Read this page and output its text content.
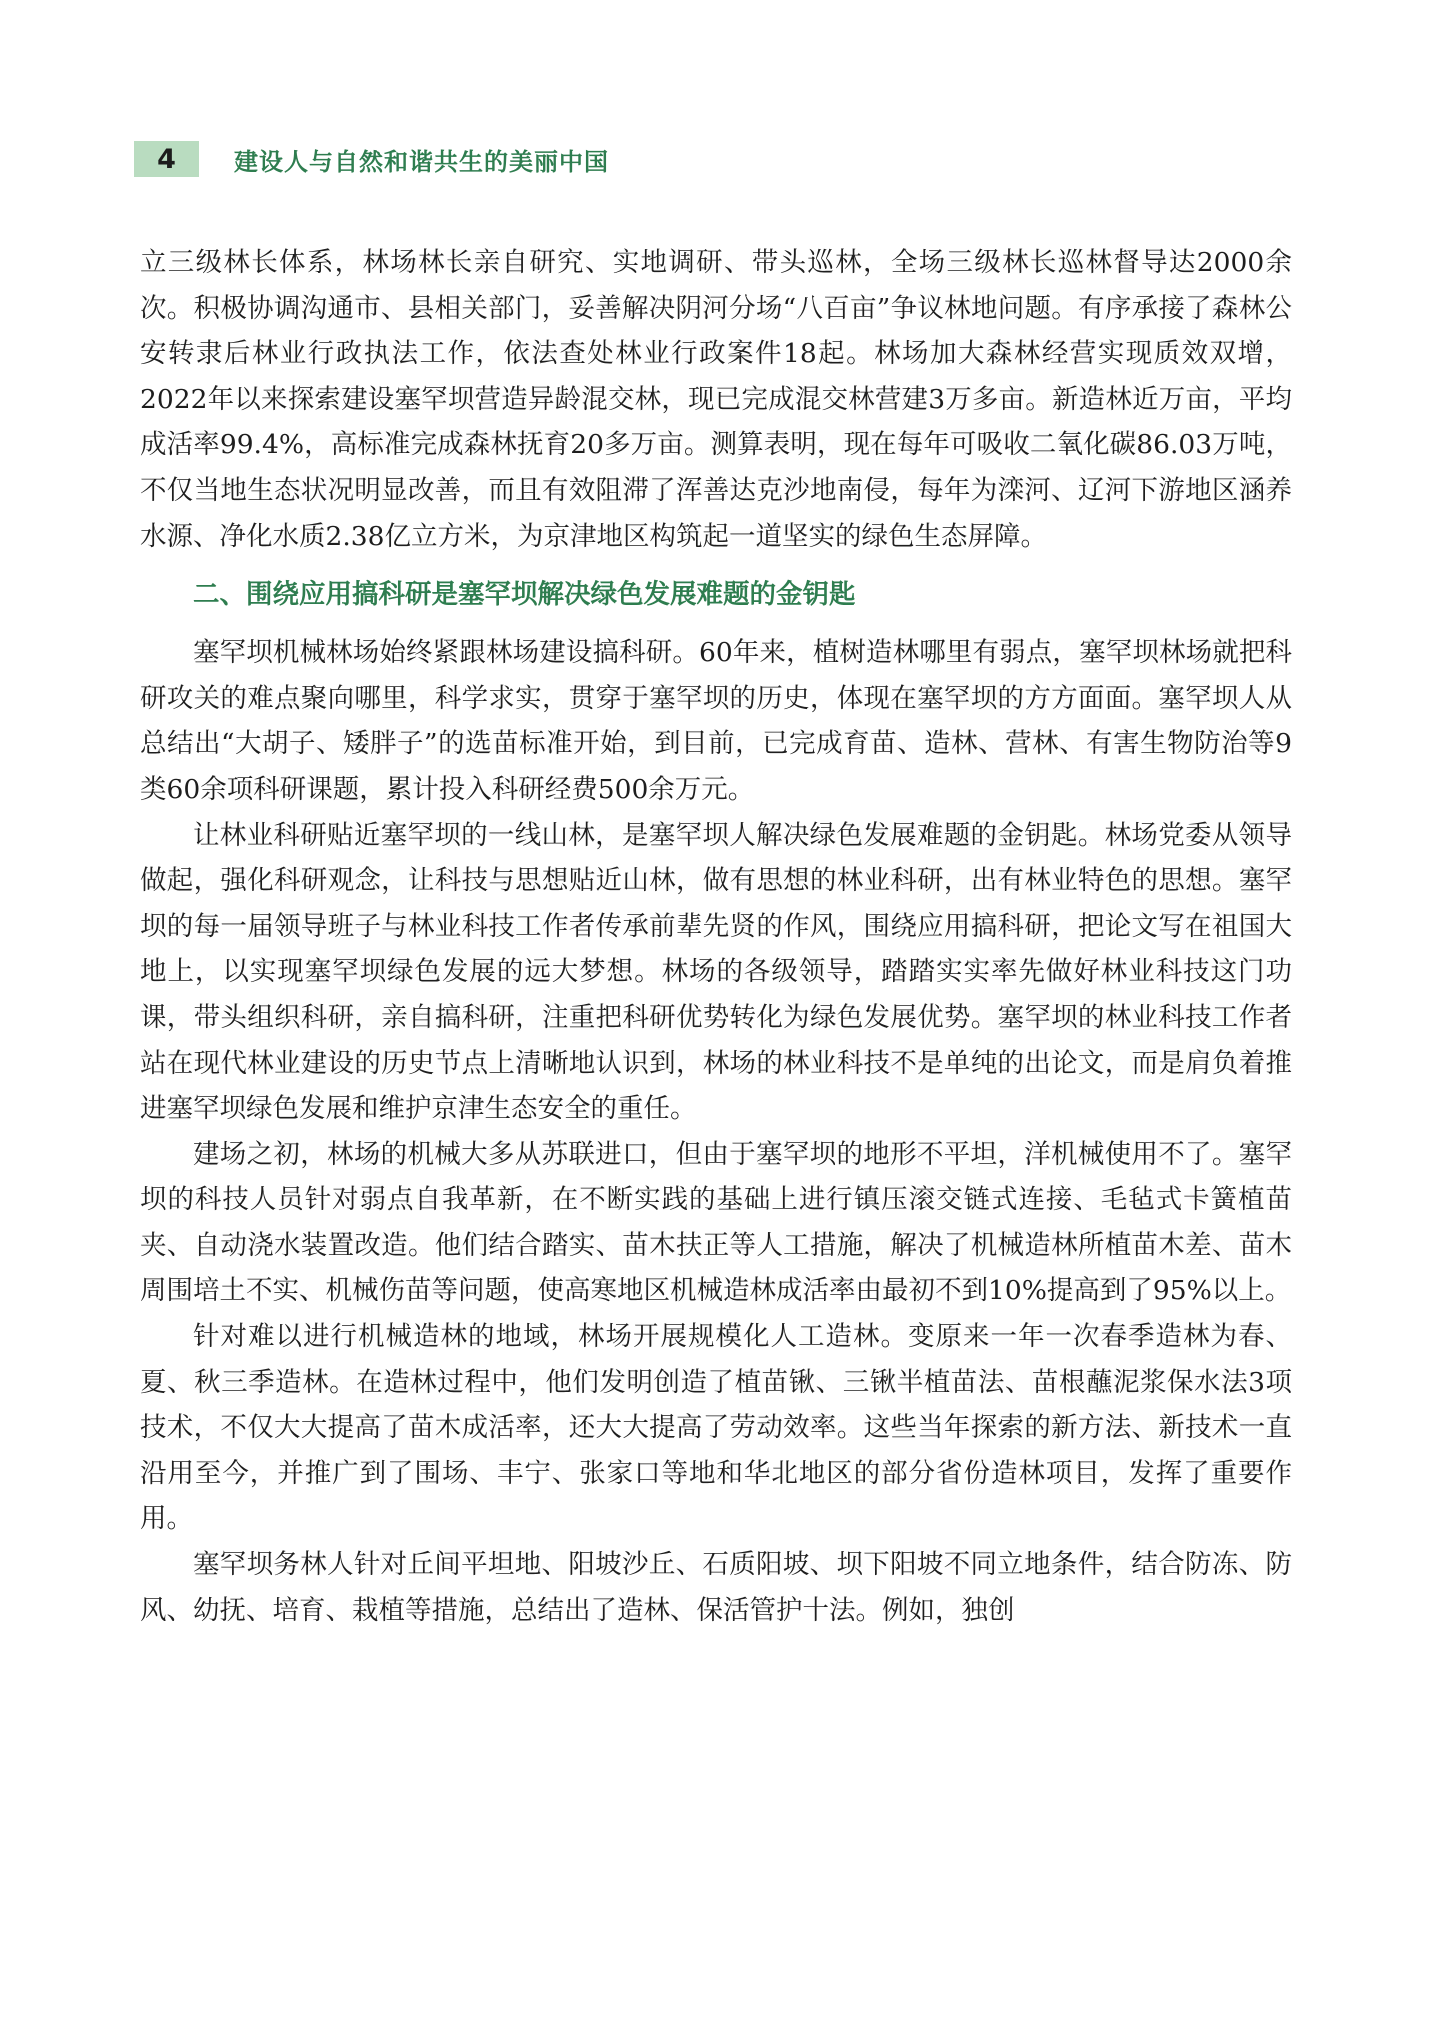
4	建设人与自然和谐共生的美丽中国

立三级林长体系，林场林长亲自研究、实地调研、带头巡林，全场三级林长巡林督导达2000余次。积极协调沟通市、县相关部门，妥善解决阴河分场“八百亩”争议林地问题。有序承接了森林公安转隶后林业行政执法工作，依法查处林业行政案件18起。林场加大森林经营实现质效双增，2022年以来探索建设塞罕坝营造异龄混交林，现已完成混交林营建3万多亩。新造林近万亩，平均成活率99.4%，高标准完成森林抚育20多万亩。测算表明，现在每年可吸收二氧化碳86.03万吨，不仅当地生态状况明显改善，而且有效阻滞了浑善达克沙地南侵，每年为滦河、辽河下游地区涵养水源、净化水质2.38亿立方米，为京津地区构筑起一道坚实的绿色生态屏障。

二、围绕应用搞科研是塞罕坝解决绿色发展难题的金钥匙

塞罕坝机械林场始终紧跟林场建设搞科研。60年来，植树造林哪里有弱点，塞罕坝林场就把科研攻关的难点聚向哪里，科学求实，贯穿于塞罕坝的历史，体现在塞罕坝的方方面面。塞罕坝人从总结出“大胡子、矮胖子”的选苗标准开始，到目前，已完成育苗、造林、营林、有害生物防治等9类60余项科研课题，累计投入科研经费500余万元。

让林业科研贴近塞罕坝的一线山林，是塞罕坝人解决绿色发展难题的金钥匙。林场党委从领导做起，强化科研观念，让科技与思想贴近山林，做有思想的林业科研，出有林业特色的思想。塞罕坝的每一届领导班子与林业科技工作者传承前辈先贤的作风，围绕应用搞科研，把论文写在祖国大地上，以实现塞罕坝绿色发展的远大梦想。林场的各级领导，踏踏实实率先做好林业科技这门功课，带头组织科研，亲自搞科研，注重把科研优势转化为绿色发展优势。塞罕坝的林业科技工作者站在现代林业建设的历史节点上清晰地认识到，林场的林业科技不是单纯的出论文，而是肩负着推进塞罕坝绿色发展和维护京津生态安全的重任。

建场之初，林场的机械大多从苏联进口，但由于塞罕坝的地形不平坦，洋机械使用不了。塞罕坝的科技人员针对弱点自我革新，在不断实践的基础上进行镇压滚交链式连接、毛毡式卡簧植苗夹、自动浇水装置改造。他们结合踏实、苗木扶正等人工措施，解决了机械造林所植苗木差、苗木周围培土不实、机械伤苗等问题，使高寒地区机械造林成活率由最初不到10%提高到了95%以上。

针对难以进行机械造林的地域，林场开展规模化人工造林。变原来一年一次春季造林为春、夏、秋三季造林。在造林过程中，他们发明创造了植苗锹、三锹半植苗法、苗根蘸泥浆保水法3项技术，不仅大大提高了苗木成活率，还大大提高了劳动效率。这些当年探索的新方法、新技术一直沿用至今，并推广到了围场、丰宁、张家口等地和华北地区的部分省份造林项目，发挥了重要作用。

塞罕坝务林人针对丘间平坦地、阳坡沙丘、石质阳坡、坝下阳坡不同立地条件，结合防冻、防风、幼抚、培育、栽植等措施，总结出了造林、保活管护十法。例如，独创
